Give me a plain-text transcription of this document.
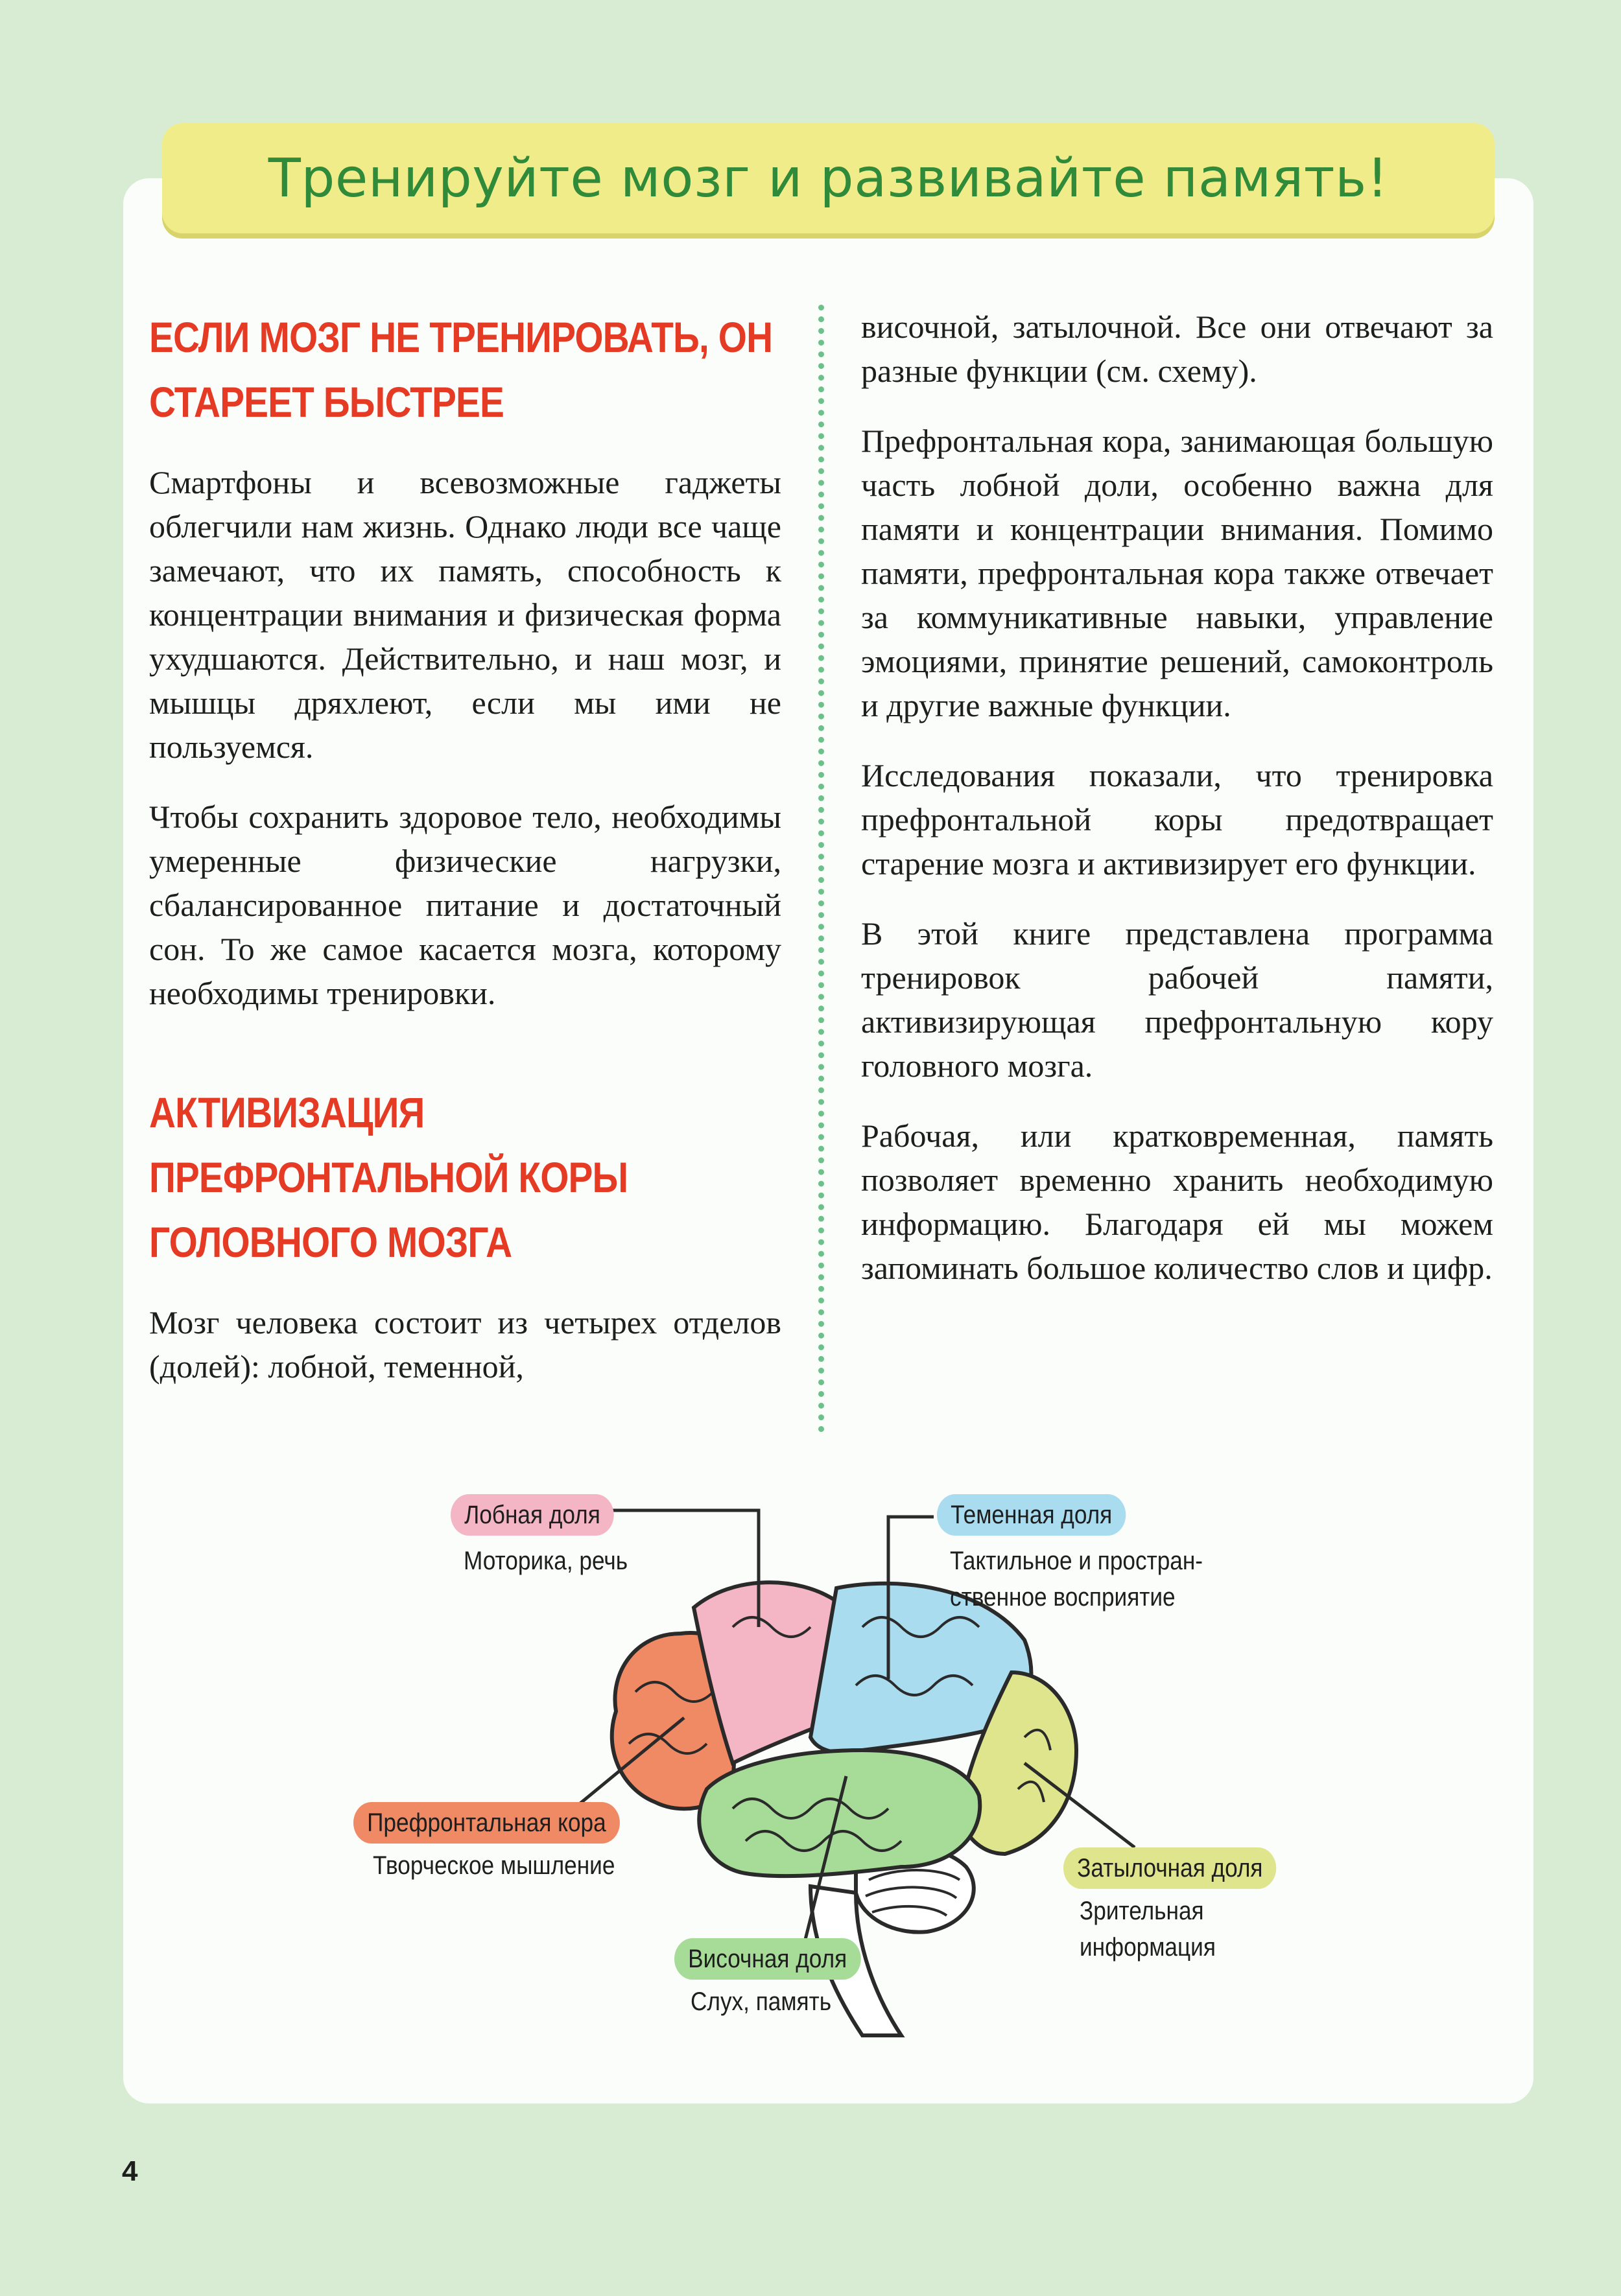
Тренируйте мозг и развивайте память!
ЕСЛИ МОЗГ НЕ ТРЕНИРОВАТЬ, ОН СТАРЕЕТ БЫСТРЕЕ

Смартфоны и всевозможные гаджеты облегчили нам жизнь. Однако люди все чаще замечают, что их память, способность к концентрации внимания и физическая форма ухудшаются. Действительно, и наш мозг, и мышцы дряхлеют, если мы ими не пользуемся.

Чтобы сохранить здоровое тело, необходимы умеренные физические нагрузки, сбалансированное питание и достаточный сон. То же самое касается мозга, которому необходимы тренировки.

АКТИВИЗАЦИЯ ПРЕФРОНТАЛЬНОЙ КОРЫ ГОЛОВНОГО МОЗГА

Мозг человека состоит из четырех отделов (долей): лобной, теменной,

височной, затылочной. Все они отвечают за разные функции (см. схему).

Префронтальная кора, занимающая большую часть лобной доли, особенно важна для памяти и концентрации внимания. Помимо памяти, префронтальная кора также отвечает за коммуникативные навыки, управление эмоциями, принятие решений, самоконтроль и другие важные функции.

Исследования показали, что тренировка префронтальной коры предотвращает старение мозга и активизирует его функции.

В этой книге представлена программа тренировок рабочей памяти, активизирующая префронтальную кору головного мозга.

Рабочая, или кратковременная, память позволяет временно хранить необходимую информацию. Благодаря ей мы можем запоминать большое количество слов и цифр.

Лобная доля
Моторика, речь
Теменная доля
Тактильное и простран-
ственное восприятие
Префронтальная кора
Творческое мышление	Затылочная доля
Зрительная
информация
Височная доля
Слух, память
4
